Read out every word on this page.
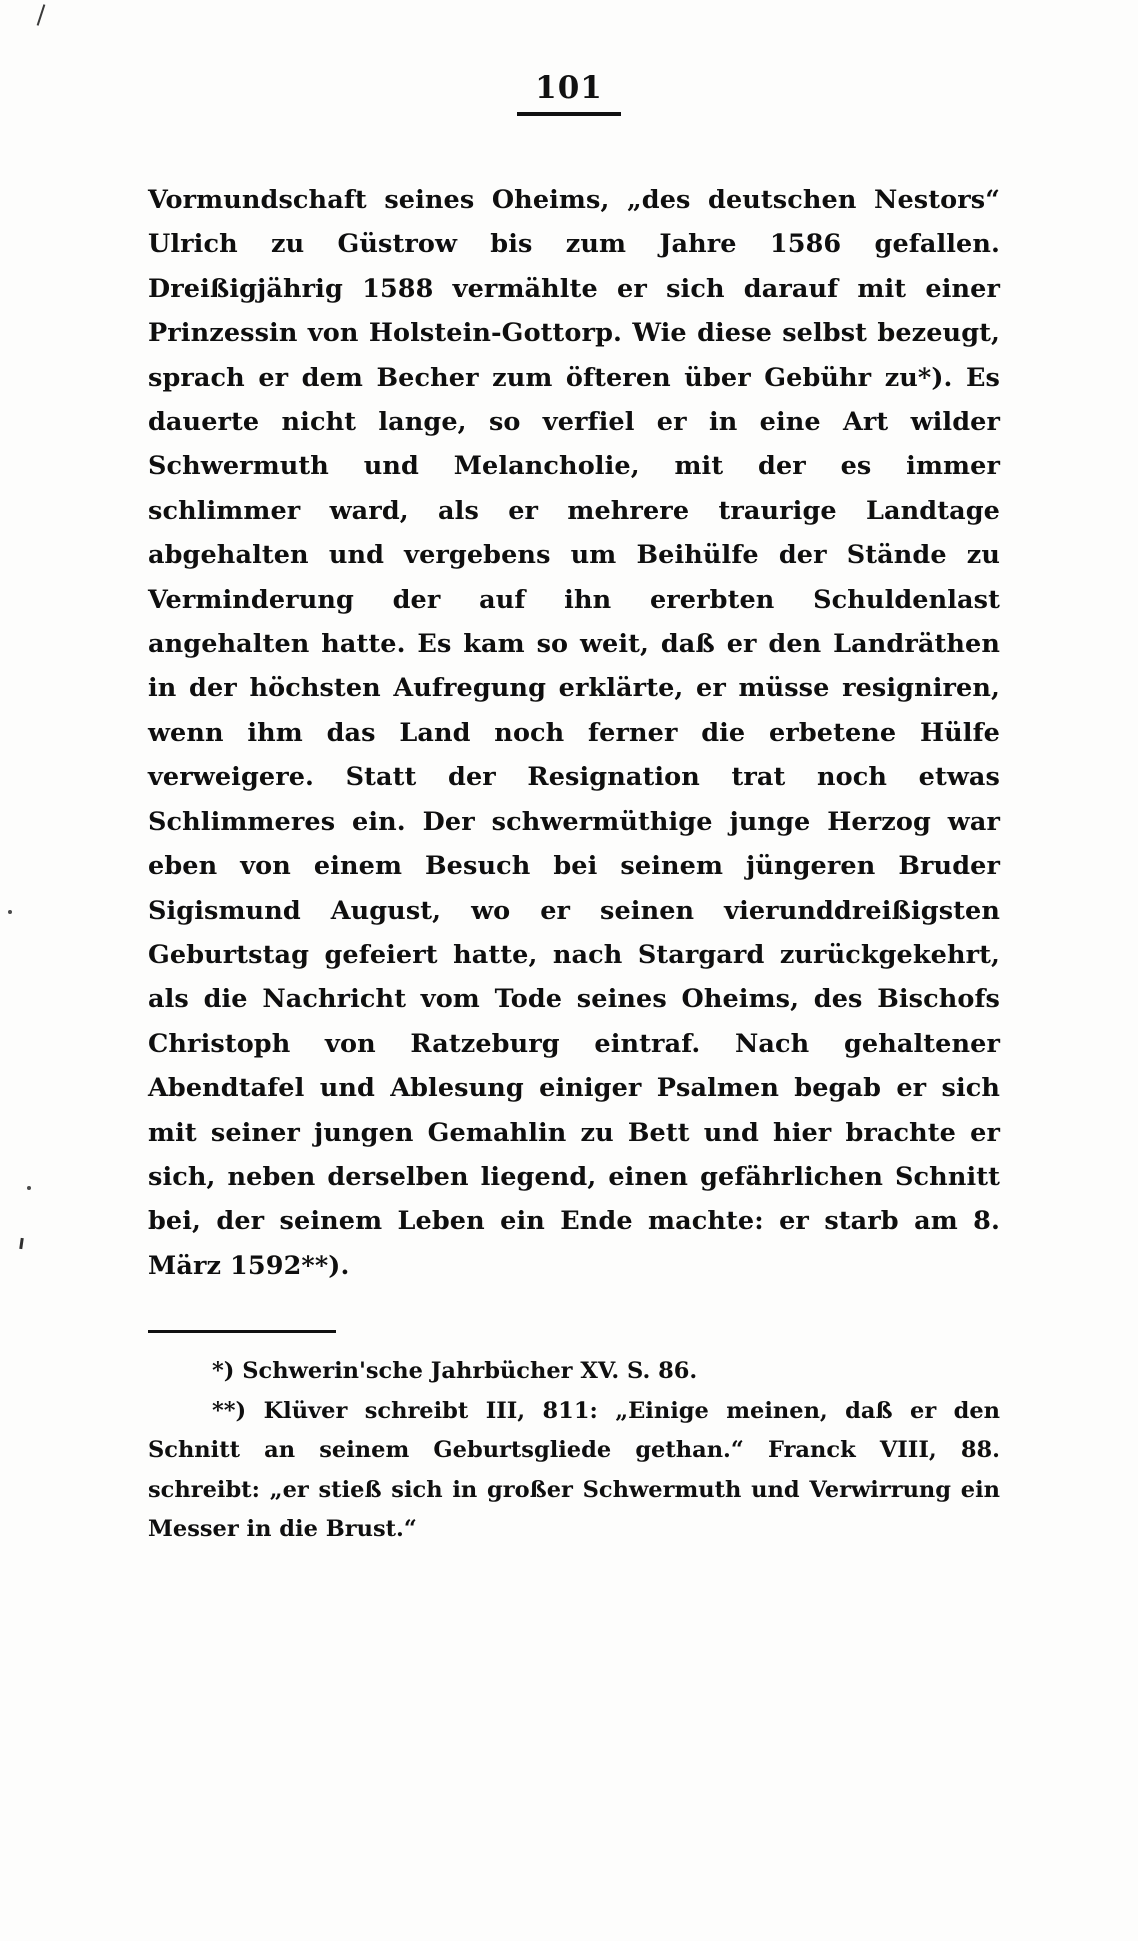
101

Vormundschaft seines Oheims, „des deutschen Nestors“ Ulrich zu Güstrow bis zum Jahre 1586 gefallen. Dreißigjährig 1588 vermählte er sich darauf mit einer Prinzessin von Holstein-Gottorp. Wie diese selbst bezeugt, sprach er dem Becher zum öfteren über Gebühr zu*). Es dauerte nicht lange, so verfiel er in eine Art wilder Schwermuth und Melancholie, mit der es immer schlimmer ward, als er mehrere traurige Landtage abgehalten und vergebens um Beihülfe der Stände zu Verminderung der auf ihn ererbten Schuldenlast angehalten hatte. Es kam so weit, daß er den Landräthen in der höchsten Aufregung erklärte, er müsse resigniren, wenn ihm das Land noch ferner die erbetene Hülfe verweigere. Statt der Resignation trat noch etwas Schlimmeres ein. Der schwermüthige junge Herzog war eben von einem Besuch bei seinem jüngeren Bruder Sigismund August, wo er seinen vierunddreißigsten Geburtstag gefeiert hatte, nach Stargard zurückgekehrt, als die Nachricht vom Tode seines Oheims, des Bischofs Christoph von Ratzeburg eintraf. Nach gehaltener Abendtafel und Ablesung einiger Psalmen begab er sich mit seiner jungen Gemahlin zu Bett und hier brachte er sich, neben derselben liegend, einen gefährlichen Schnitt bei, der seinem Leben ein Ende machte: er starb am 8. März 1592**).

*) Schwerin'sche Jahrbücher XV. S. 86.

**) Klüver schreibt III, 811: „Einige meinen, daß er den Schnitt an seinem Geburtsgliede gethan.“ Franck VIII, 88. schreibt: „er stieß sich in großer Schwermuth und Verwirrung ein Messer in die Brust.“
